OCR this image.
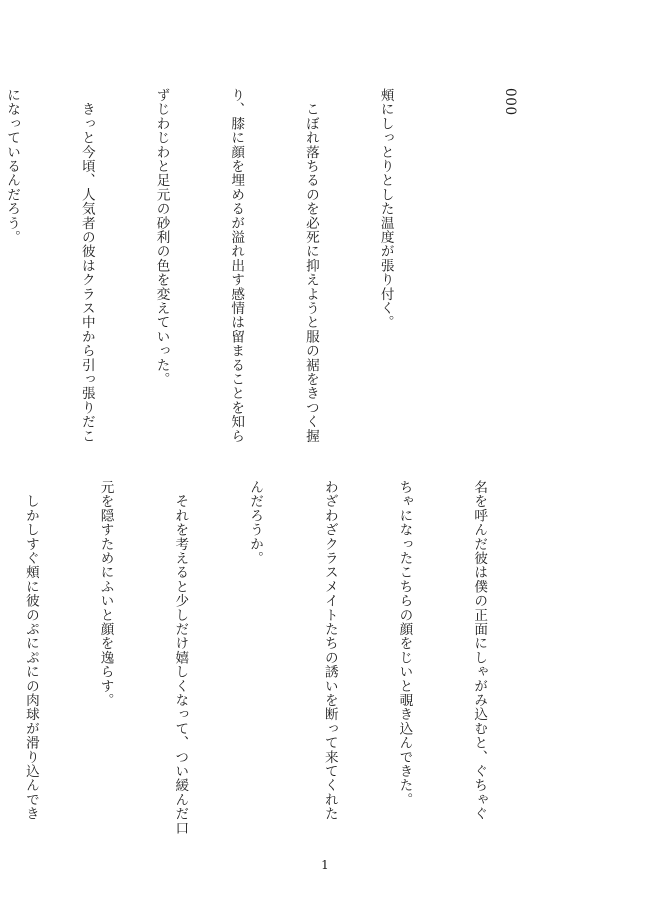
000

頰にしっとりとした温度が張り付く。

　こぼれ落ちるのを必死に抑えようと服の裾をきつく握

り、膝に顔を埋めるが溢れ出す感情は留まることを知ら

ずじわじわと足元の砂利の色を変えていった。

　きっと今頃、人気者の彼はクラス中から引っ張りだこ

になっているんだろう。

名を呼んだ彼は僕の正面にしゃがみ込むと、ぐちゃぐ

ちゃになったこちらの顔をじいと覗き込んできた。

わざわざクラスメイトたちの誘いを断って来てくれた

んだろうか。

　それを考えると少しだけ嬉しくなって、つい緩んだ口

元を隠すためにふいと顔を逸らす。

　しかしすぐ頰に彼のぷにぷにの肉球が滑り込んでき

1
